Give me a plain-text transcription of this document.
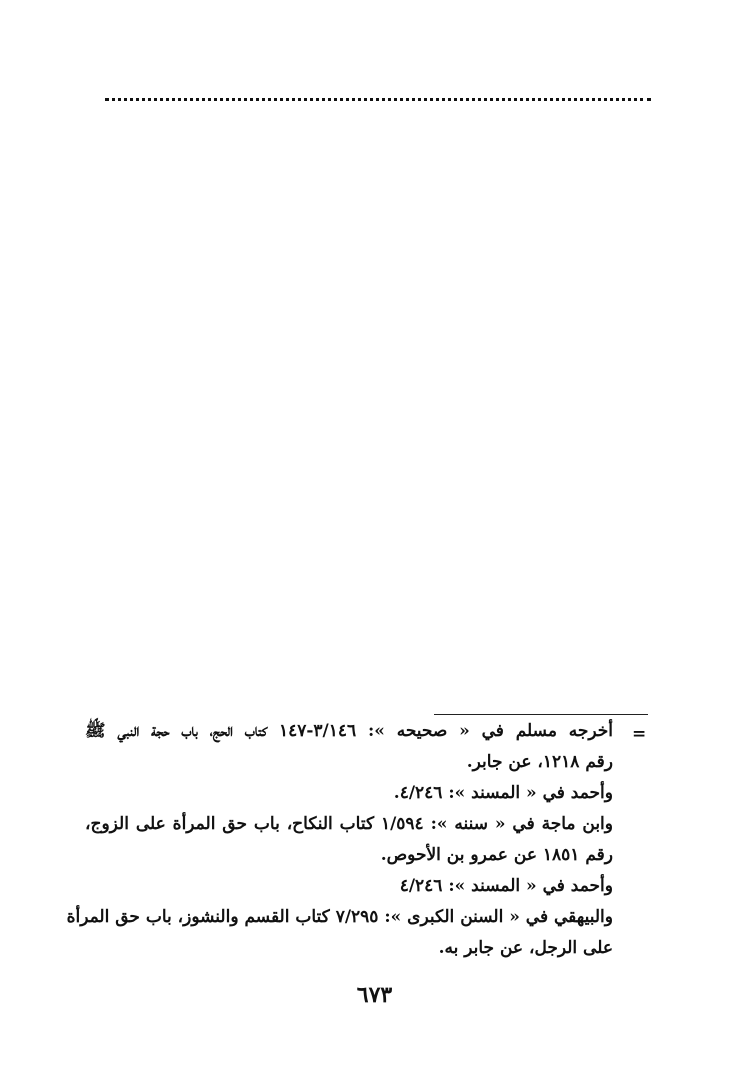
=
أخرجه مسلم في « صحيحه »: ٣/١٤٦-١٤٧ كتاب الحج، باب حجة النبي ﷺ
رقم ١٢١٨، عن جابر.
وأحمد في « المسند »: ٤/٢٤٦.
وابن ماجة في « سننه »: ١/٥٩٤ كتاب النكاح، باب حق المرأة على الزوج،
رقم ١٨٥١ عن عمرو بن الأحوص.
وأحمد في « المسند »: ٤/٢٤٦
والبيهقي في « السنن الكبرى »: ٧/٢٩٥ كتاب القسم والنشوز، باب حق المرأة
على الرجل، عن جابر به.
٦٧٣
